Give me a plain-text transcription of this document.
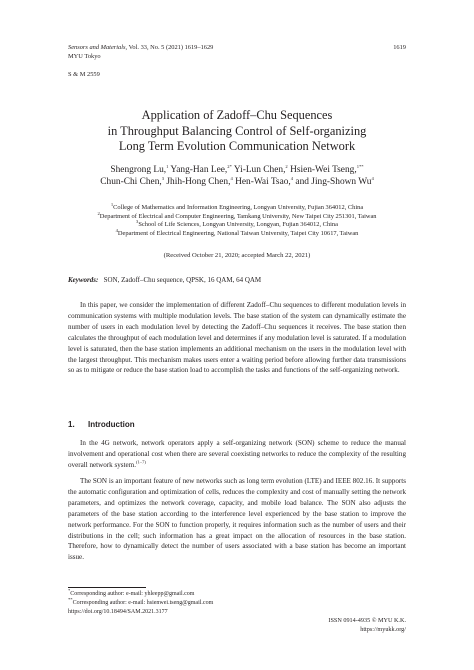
Sensors and Materials, Vol. 33, No. 5 (2021) 1619–1629
MYU Tokyo
1619
S & M 2559
Application of Zadoff–Chu Sequences
in Throughput Balancing Control of Self-organizing
Long Term Evolution Communication Network
Shengrong Lu,$^1$ Yang-Han Lee,$^{2*}$ Yi-Lun Chen,$^2$ Hsien-Wei Tseng,$^{1**}$
Chun-Chi Chen,$^3$ Jhih-Hong Chen,$^4$ Hen-Wai Tsao,$^4$ and Jing-Shown Wu$^4$
$^1$College of Mathematics and Information Engineering, Longyan University, Fujian 364012, China
$^2$Department of Electrical and Computer Engineering, Tamkang University, New Taipei City 251301, Taiwan
$^3$School of Life Sciences, Longyan University, Longyan, Fujian 364012, China
$^4$Department of Electrical Engineering, National Taiwan University, Taipei City 10617, Taiwan
(Received October 21, 2020; accepted March 22, 2021)
Keywords: SON, Zadoff–Chu sequence, QPSK, 16 QAM, 64 QAM
In this paper, we consider the implementation of different Zadoff–Chu sequences to different modulation levels in communication systems with multiple modulation levels. The base station of the system can dynamically estimate the number of users in each modulation level by detecting the Zadoff–Chu sequences it receives. The base station then calculates the throughput of each modulation level and determines if any modulation level is saturated. If a modulation level is saturated, then the base station implements an additional mechanism on the users in the modulation level with the largest throughput. This mechanism makes users enter a waiting period before allowing further data transmissions so as to mitigate or reduce the base station load to accomplish the tasks and functions of the self-organizing network.
1. Introduction
In the 4G network, network operators apply a self-organizing network (SON) scheme to reduce the manual involvement and operational cost when there are several coexisting networks to reduce the complexity of the resulting overall network system.$^{(1-7)}$
The SON is an important feature of new networks such as long term evolution (LTE) and IEEE 802.16. It supports the automatic configuration and optimization of cells, reduces the complexity and cost of manually setting the network parameters, and optimizes the network coverage, capacity, and mobile load balance. The SON also adjusts the parameters of the base station according to the interference level experienced by the base station to improve the network performance. For the SON to function properly, it requires information such as the number of users and their distributions in the cell; such information has a great impact on the allocation of resources in the base station. Therefore, how to dynamically detect the number of users associated with a base station has become an important issue.
*Corresponding author: e-mail: yhleepp@gmail.com
**Corresponding author: e-mail: hsienwei.tseng@gmail.com
https://doi.org/10.18494/SAM.2021.3177
ISSN 0914-4935 © MYU K.K.
https://myukk.org/
